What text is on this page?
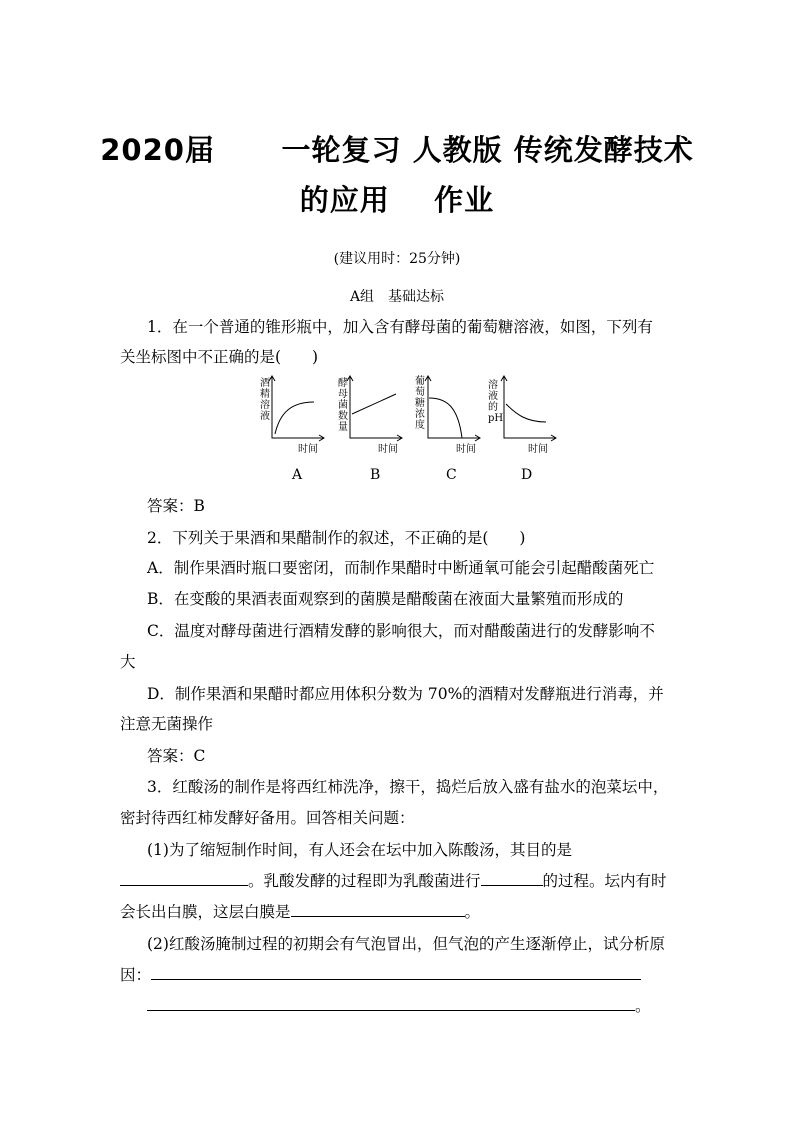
2020届      一轮复习 人教版 传统发酵技术
的应用    作业
(建议用时：25分钟)
A组　基础达标
1．在一个普通的锥形瓶中，加入含有酵母菌的葡萄糖溶液，如图，下列有
关坐标图中不正确的是(　　)
酒
精
溶
液
时间
A
酵
母
菌
数
量
时间
B
葡
萄
糖
浓
度
时间
C
溶
液
的
pH
时间
D
答案：B
2．下列关于果酒和果醋制作的叙述，不正确的是(　　)
A．制作果酒时瓶口要密闭，而制作果醋时中断通氧可能会引起醋酸菌死亡
B．在变酸的果酒表面观察到的菌膜是醋酸菌在液面大量繁殖而形成的
C．温度对酵母菌进行酒精发酵的影响很大，而对醋酸菌进行的发酵影响不
大
D．制作果酒和果醋时都应用体积分数为 70%的酒精对发酵瓶进行消毒，并
注意无菌操作
答案：C
3．红酸汤的制作是将西红柿洗净，擦干，捣烂后放入盛有盐水的泡菜坛中，
密封待西红柿发酵好备用。回答相关问题：
(1)为了缩短制作时间，有人还会在坛中加入陈酸汤，其目的是
。乳酸发酵的过程即为乳酸菌进行	的过程。坛内有时
会长出白膜，这层白膜是	。
(2)红酸汤腌制过程的初期会有气泡冒出，但气泡的产生逐渐停止，试分析原
因：
。
